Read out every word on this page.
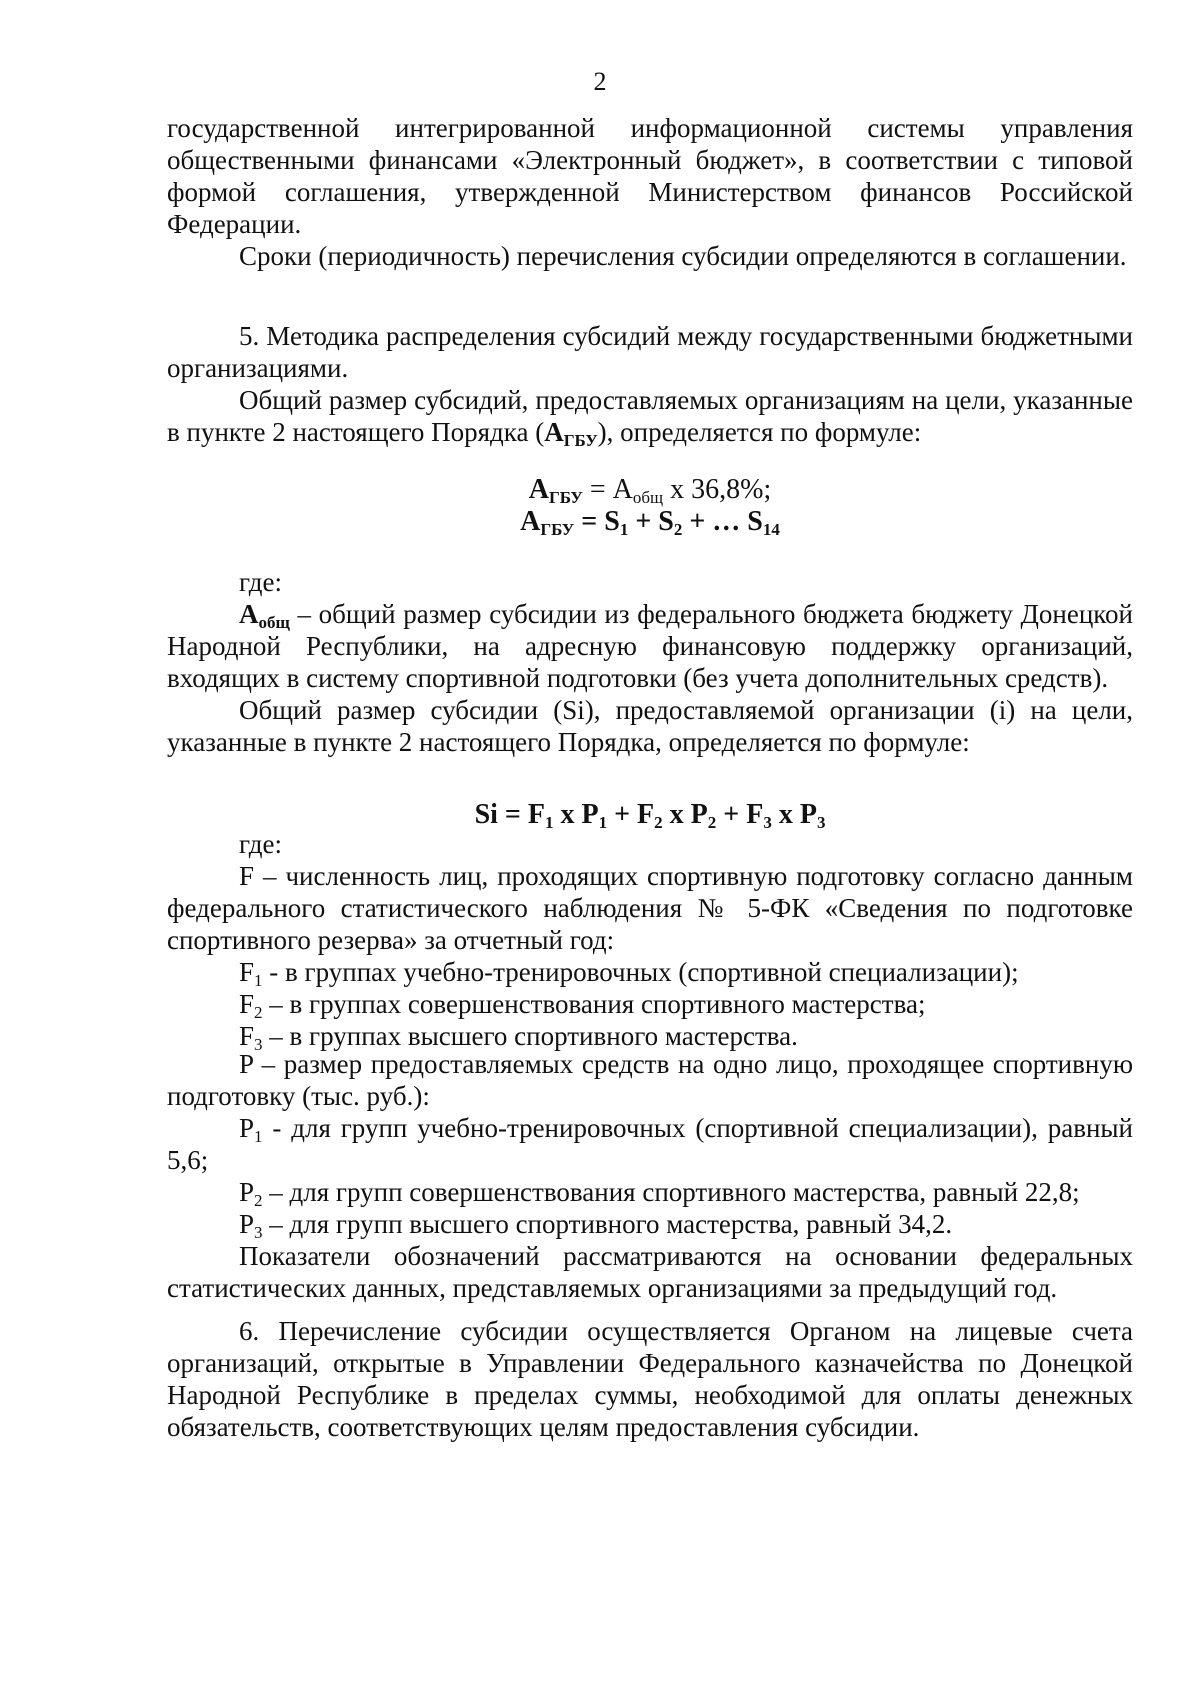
2

государственной интегрированной информационной системы управления общественными финансами «Электронный бюджет», в соответствии с типовой формой соглашения, утвержденной Министерством финансов Российской Федерации.

Сроки (периодичность) перечисления субсидии определяются в соглашении.

5. Методика распределения субсидий между государственными бюджетными организациями.

Общий размер субсидий, предоставляемых организациям на цели, указанные в пункте 2 настоящего Порядка $(А_{ГБУ})$, определяется по формуле:

$А_{ГБУ} = А_{общ}$ х 36,8%;
$А_{ГБУ} = S_1 + S_2$ + … $S_{14}$

где:

$А_{общ}$ – общий размер субсидии из федерального бюджета бюджету Донецкой Народной Республики, на адресную финансовую поддержку организаций, входящих в систему спортивной подготовки (без учета дополнительных средств).

Общий размер субсидии (Si), предоставляемой организации (i) на цели, указанные в пункте 2 настоящего Порядка, определяется по формуле:

$Si = F_1$ х $P_1 + F_2$ х $P_2 + F_3$ х $P_3$

где:

F – численность лиц, проходящих спортивную подготовку согласно данным федерального статистического наблюдения № 5-ФК «Сведения по подготовке спортивного резерва» за отчетный год:

$F_1$ - в группах учебно-тренировочных (спортивной специализации);

$F_2$ – в группах совершенствования спортивного мастерства;

$F_3$ – в группах высшего спортивного мастерства.

P – размер предоставляемых средств на одно лицо, проходящее спортивную подготовку (тыс. руб.):

$P_1$ - для групп учебно-тренировочных (спортивной специализации), равный 5,6;

$P_2$ – для групп совершенствования спортивного мастерства, равный 22,8;

$P_3$ – для групп высшего спортивного мастерства, равный 34,2.

Показатели обозначений рассматриваются на основании федеральных статистических данных, представляемых организациями за предыдущий год.

6. Перечисление субсидии осуществляется Органом на лицевые счета организаций, открытые в Управлении Федерального казначейства по Донецкой Народной Республике в пределах суммы, необходимой для оплаты денежных обязательств, соответствующих целям предоставления субсидии.
